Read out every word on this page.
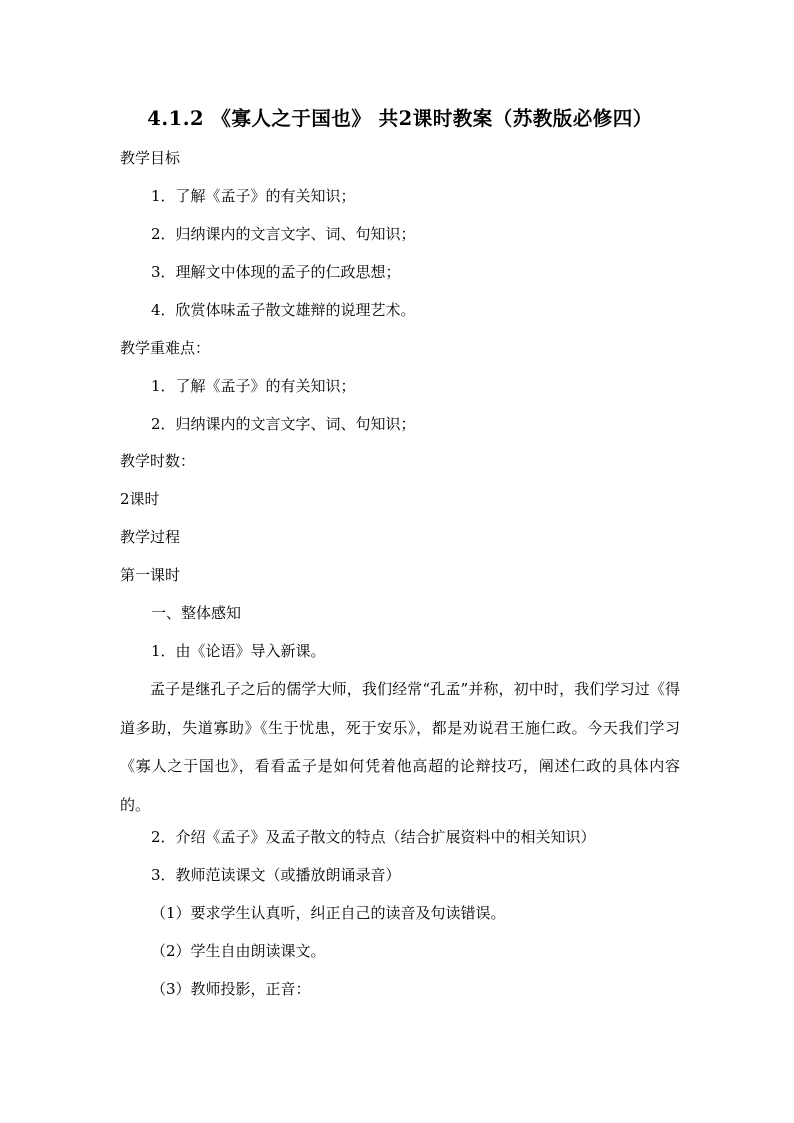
4.1.2 《寡人之于国也》 共2课时教案（苏教版必修四）
教学目标
1．了解《孟子》的有关知识；
2．归纳课内的文言文字、词、句知识；
3．理解文中体现的孟子的仁政思想；
4．欣赏体味孟子散文雄辩的说理艺术。
教学重难点：
1．了解《孟子》的有关知识；
2．归纳课内的文言文字、词、句知识；
教学时数：
2课时
教学过程
第一课时
一、整体感知
1．由《论语》导入新课。
孟子是继孔子之后的儒学大师，我们经常“孔孟”并称，初中时，我们学习过《得道多助，失道寡助》《生于忧患，死于安乐》，都是劝说君王施仁政。今天我们学习《寡人之于国也》，看看孟子是如何凭着他高超的论辩技巧，阐述仁政的具体内容的。
2．介绍《孟子》及孟子散文的特点（结合扩展资料中的相关知识）
3．教师范读课文（或播放朗诵录音）
（1）要求学生认真听，纠正自己的读音及句读错误。
（2）学生自由朗读课文。
（3）教师投影，正音：
